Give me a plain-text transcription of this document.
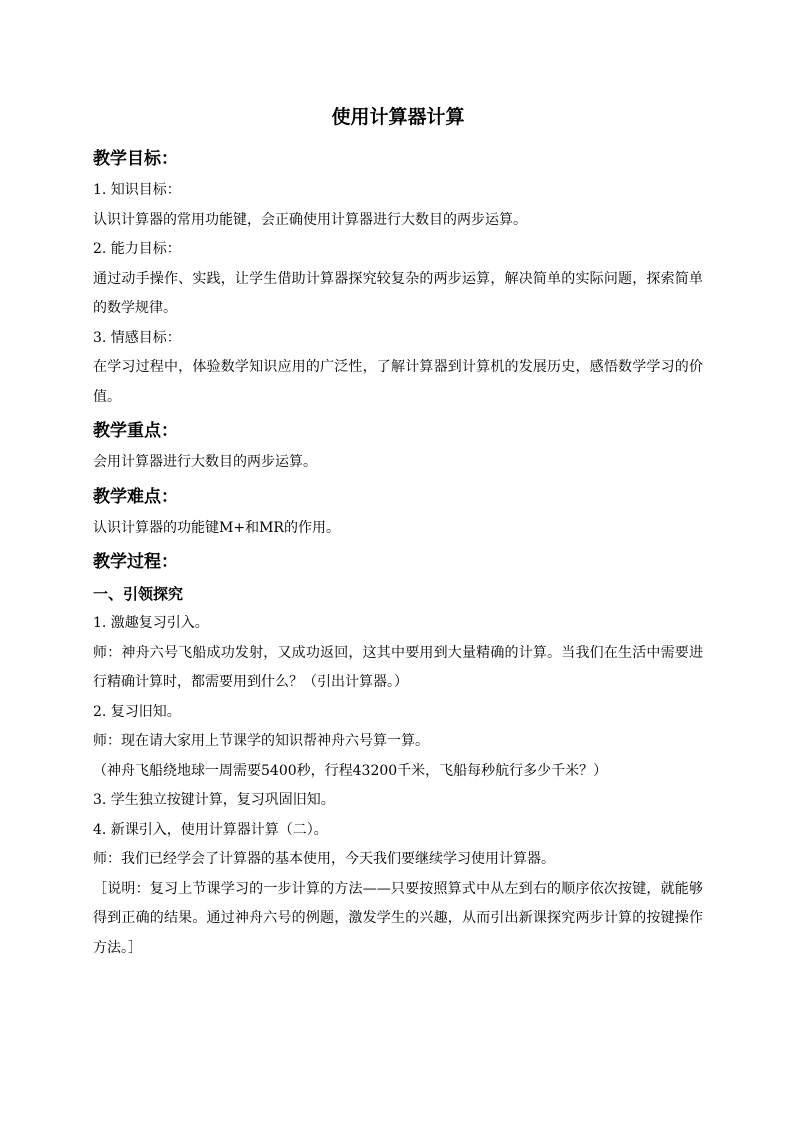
使用计算器计算
教学目标：
1. 知识目标：
认识计算器的常用功能键，会正确使用计算器进行大数目的两步运算。
2. 能力目标：
通过动手操作、实践，让学生借助计算器探究较复杂的两步运算，解决简单的实际问题，探索简单的数学规律。
3. 情感目标：
在学习过程中，体验数学知识应用的广泛性，了解计算器到计算机的发展历史，感悟数学学习的价值。
教学重点：
会用计算器进行大数目的两步运算。
教学难点：
认识计算器的功能键M+和MR的作用。
教学过程：
一、引领探究
1. 激趣复习引入。
师：神舟六号飞船成功发射，又成功返回，这其中要用到大量精确的计算。当我们在生活中需要进行精确计算时，都需要用到什么？（引出计算器。）
2. 复习旧知。
师：现在请大家用上节课学的知识帮神舟六号算一算。
（神舟飞船绕地球一周需要5400秒，行程43200千米，飞船每秒航行多少千米？）
3. 学生独立按键计算，复习巩固旧知。
4. 新课引入，使用计算器计算（二）。
师：我们已经学会了计算器的基本使用，今天我们要继续学习使用计算器。
［说明：复习上节课学习的一步计算的方法——只要按照算式中从左到右的顺序依次按键，就能够得到正确的结果。通过神舟六号的例题，激发学生的兴趣，从而引出新课探究两步计算的按键操作方法。］
